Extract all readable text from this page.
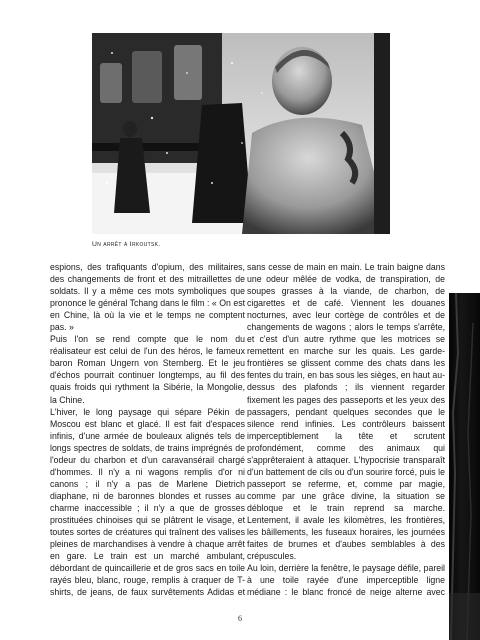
Un arrêt à Irkoutsk.

espions, des trafiquants d'opium, des militaires, des changements de front et des mitraillettes de soldats. Il y a même ces mots symboliques que prononce le général Tchang dans le film : « On est en Chine, là où la vie et le temps ne comptent pas. »

Puis l'on se rend compte que le nom du réalisateur est celui de l'un des héros, le fameux baron Roman Ungern von Sternberg. Et le jeu d'échos pourrait continuer longtemps, au fil des quais froids qui rythment la Sibérie, la Mongolie, la Chine.

L'hiver, le long paysage qui sépare Pékin de Moscou est blanc et glacé. Il est fait d'espaces infinis, d'une armée de bouleaux alignés tels de longs spectres de soldats, de trains imprégnés de l'odeur du charbon et d'un caravansérail chargé d'hommes. Il n'y a ni wagons remplis d'or ni canons ; il n'y a pas de Marlene Dietrich diaphane, ni de baronnes blondes et russes au charme inaccessible ; il n'y a que de grosses prostituées chinoises qui se plâtrent le visage, et toutes sortes de créatures qui traînent des valises pleines de marchandises à vendre à chaque arrêt en gare. Le train est un marché ambulant, débordant de quincaillerie et de gros sacs en toile rayés bleu, blanc, rouge, remplis à craquer de T-shirts, de jeans, de faux survêtements Adidas et

sans cesse de main en main. Le train baigne dans une odeur mêlée de vodka, de transpiration, de soupes grasses à la viande, de charbon, de cigarettes et de café. Viennent les douanes nocturnes, avec leur cortège de contrôles et de changements de wagons ; alors le temps s'arrête, et c'est d'un autre rythme que les motrices se remettent en marche sur les quais. Les garde-frontières se glissent comme des chats dans les fentes du train, en bas sous les sièges, en haut au-dessus des plafonds ; ils viennent regarder fixement les pages des passeports et les yeux des passagers, pendant quelques secondes que le silence rend infinies. Les contrôleurs baissent imperceptiblement la tête et scrutent profondément, comme des animaux qui s'apprêteraient à attaquer. L'hypocrisie transparaît d'un battement de cils ou d'un sourire forcé, puis le passeport se referme, et, comme par magie, comme par une grâce divine, la situation se débloque et le train reprend sa marche. Lentement, il avale les kilomètres, les frontières, les bâillements, les fuseaux horaires, les journées faites de brumes et d'aubes semblables à des crépuscules.

Au loin, derrière la fenêtre, le paysage défile, pareil à une toile rayée d'une imperceptible ligne médiane : le blanc froncé de neige alterne avec

6
